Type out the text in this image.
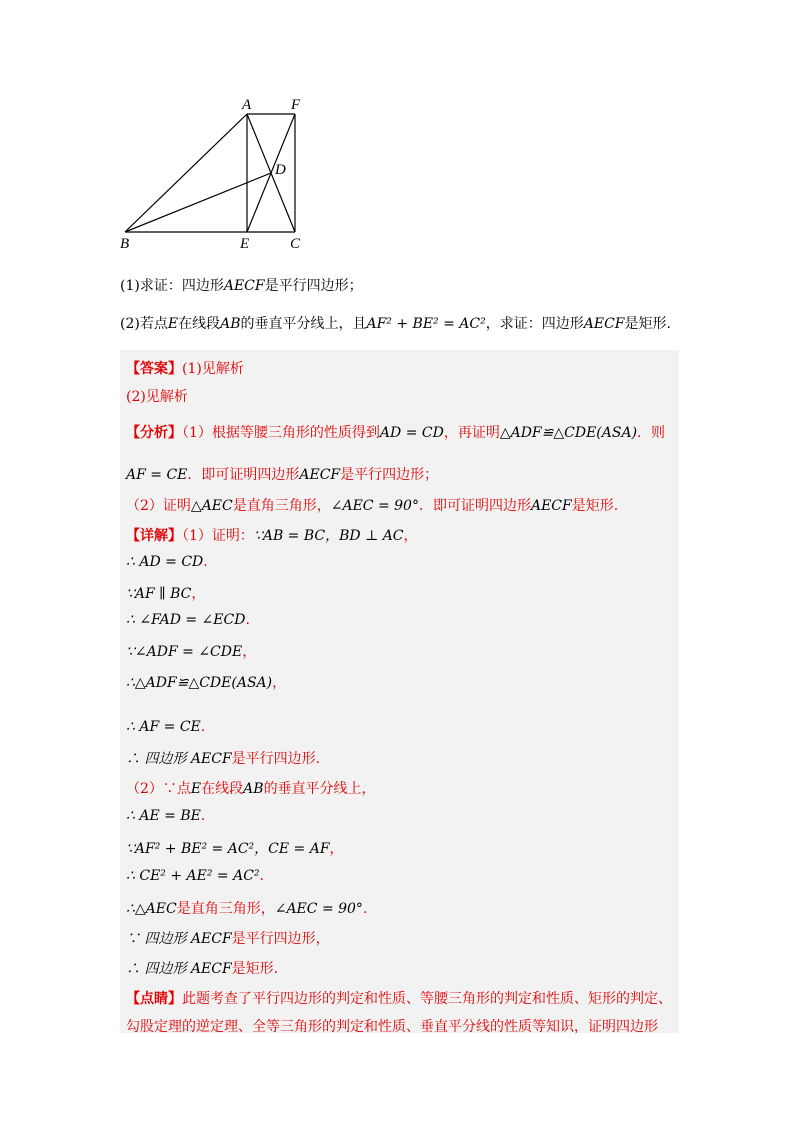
A	F
D
B	E	C
(1)求证：四边形AECF是平行四边形；
(2)若点E在线段AB的垂直平分线上，且AF² + BE² = AC²，求证：四边形AECF是矩形.
【答案】(1)见解析
(2)见解析
【分析】（1）根据等腰三角形的性质得到AD = CD，再证明△ADF≌△CDE(ASA)．则
AF = CE．即可证明四边形AECF是平行四边形；
（2）证明△AEC是直角三角形，∠AEC = 90°．即可证明四边形AECF是矩形.
【详解】（1）证明：∵AB = BC，BD ⊥ AC，
∴ AD = CD.
∵AF ∥ BC，
∴ ∠FAD = ∠ECD.
∵∠ADF = ∠CDE，
∴△ADF≌△CDE(ASA)，
∴ AF = CE.
∴ 四边形 AECF是平行四边形.
（2）∵点E在线段AB的垂直平分线上，
∴ AE = BE.
∵AF² + BE² = AC²，CE = AF，
∴ CE² + AE² = AC².
∴△AEC是直角三角形，∠AEC = 90°.
∵ 四边形 AECF是平行四边形，
∴ 四边形 AECF是矩形.
【点睛】此题考查了平行四边形的判定和性质、等腰三角形的判定和性质、矩形的判定、
勾股定理的逆定理、全等三角形的判定和性质、垂直平分线的性质等知识，证明四边形
